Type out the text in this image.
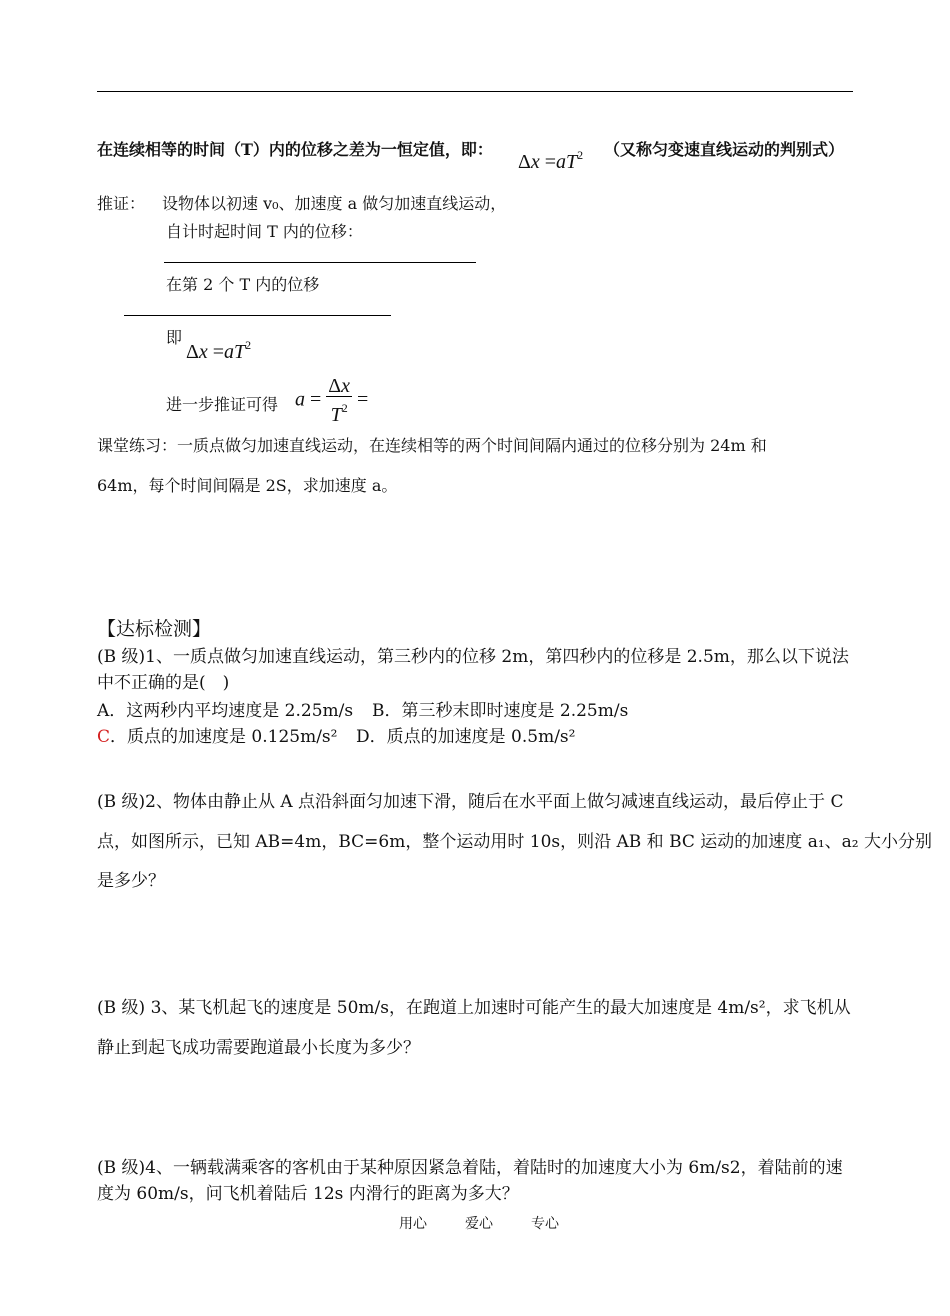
在连续相等的时间（T）内的位移之差为一恒定值，即：
$\Delta x =aT^2$ （又称匀变速直线运动的判别式）
推证： 设物体以初速 v₀、加速度 a 做匀加速直线运动，
自计时起时间 T 内的位移：
在第 2 个 T 内的位移
即
$\Delta x =aT^2$
进一步推证可得 $a = \frac{\Delta x}{T^2}$ =
课堂练习：一质点做匀加速直线运动，在连续相等的两个时间间隔内通过的位移分别为 24m 和
64m，每个时间间隔是 2S，求加速度 a。
【达标检测】
(B 级)1、一质点做匀加速直线运动，第三秒内的位移 2m，第四秒内的位移是 2.5m，那么以下说法
中不正确的是(　)
A．这两秒内平均速度是 2.25m/s B．第三秒末即时速度是 2.25m/s
C．质点的加速度是 0.125m/s² D．质点的加速度是 0.5m/s²
(B 级)2、物体由静止从 A 点沿斜面匀加速下滑，随后在水平面上做匀减速直线运动，最后停止于 C
点，如图所示，已知 AB=4m，BC=6m，整个运动用时 10s，则沿 AB 和 BC 运动的加速度 a₁、a₂ 大小分别
是多少？
(B 级) 3、某飞机起飞的速度是 50m/s，在跑道上加速时可能产生的最大加速度是 4m/s²，求飞机从
静止到起飞成功需要跑道最小长度为多少？
(B 级)4、一辆载满乘客的客机由于某种原因紧急着陆，着陆时的加速度大小为 6m/s2，着陆前的速
度为 60m/s，问飞机着陆后 12s 内滑行的距离为多大？
用心	爱心	专心
